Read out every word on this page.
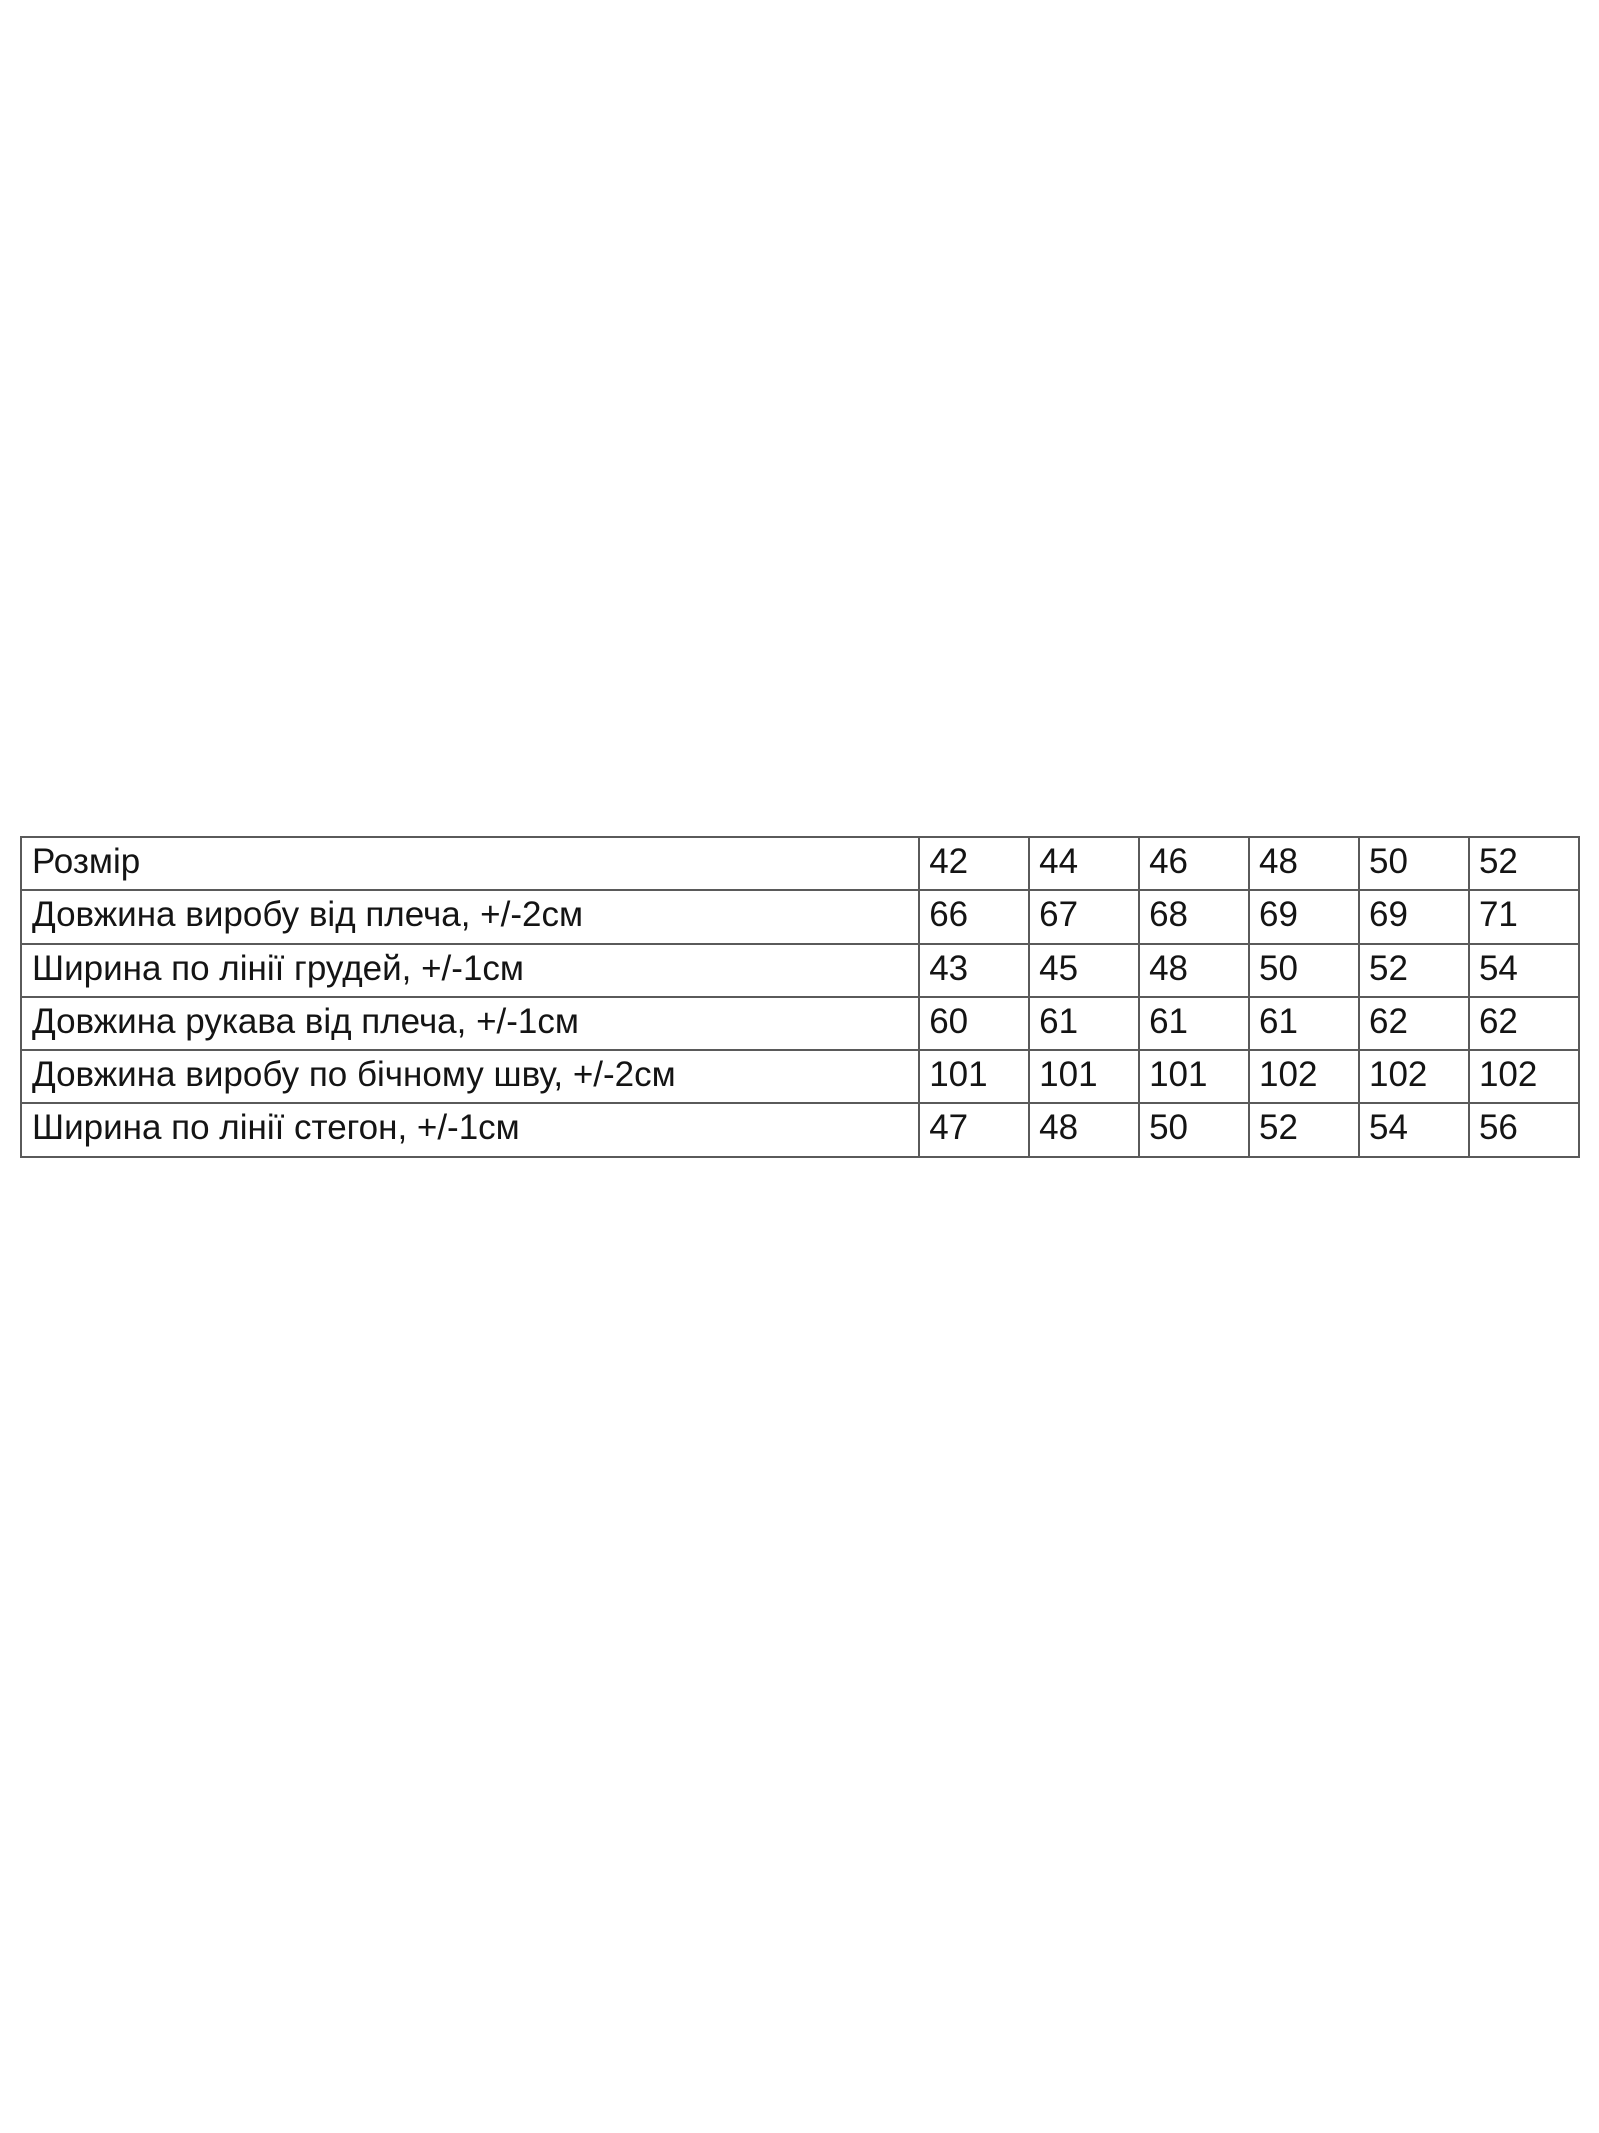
Розмір	42	44	46	48	50	52
Довжина виробу від плеча, +/-2см	66	67	68	69	69	71
Ширина по лінії грудей, +/-1см	43	45	48	50	52	54
Довжина рукава від плеча, +/-1см	60	61	61	61	62	62
Довжина виробу по бічному шву, +/-2см	101	101	101	102	102	102
Ширина по лінії стегон, +/-1см	47	48	50	52	54	56
